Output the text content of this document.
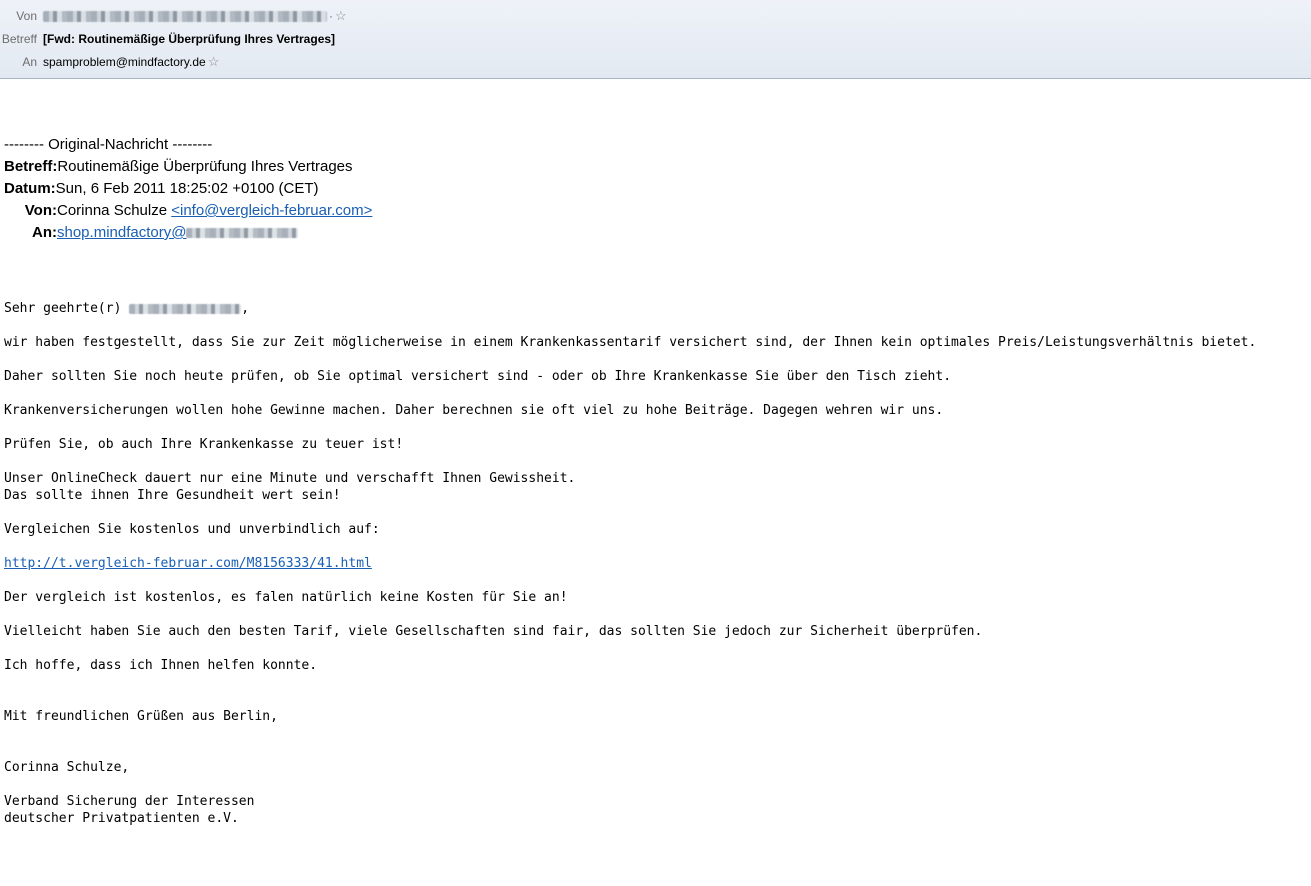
Von	· ☆
Betreff [Fwd: Routinemäßige Überprüfung Ihres Vertrages]
An spamproblem@mindfactory.de ☆
-------- Original-Nachricht --------
Betreff:Routinemäßige Überprüfung Ihres Vertrages
Datum:Sun, 6 Feb 2011 18:25:02 +0100 (CET)
Von:Corinna Schulze <info@vergleich-februar.com>
An:shop.mindfactory@
Sehr geehrte(r)	,
wir haben festgestellt, dass Sie zur Zeit möglicherweise in einem Krankenkassentarif versichert sind, der Ihnen kein optimales Preis/Leistungsverhältnis bietet.
Daher sollten Sie noch heute prüfen, ob Sie optimal versichert sind - oder ob Ihre Krankenkasse Sie über den Tisch zieht.
Krankenversicherungen wollen hohe Gewinne machen. Daher berechnen sie oft viel zu hohe Beiträge. Dagegen wehren wir uns.
Prüfen Sie, ob auch Ihre Krankenkasse zu teuer ist!
Unser OnlineCheck dauert nur eine Minute und verschafft Ihnen Gewissheit.
Das sollte ihnen Ihre Gesundheit wert sein!
Vergleichen Sie kostenlos und unverbindlich auf:
http://t.vergleich-februar.com/M8156333/41.html
Der vergleich ist kostenlos, es falen natürlich keine Kosten für Sie an!
Vielleicht haben Sie auch den besten Tarif, viele Gesellschaften sind fair, das sollten Sie jedoch zur Sicherheit überprüfen.
Ich hoffe, dass ich Ihnen helfen konnte.
Mit freundlichen Grüßen aus Berlin,
Corinna Schulze,
Verband Sicherung der Interessen
deutscher Privatpatienten e.V.
